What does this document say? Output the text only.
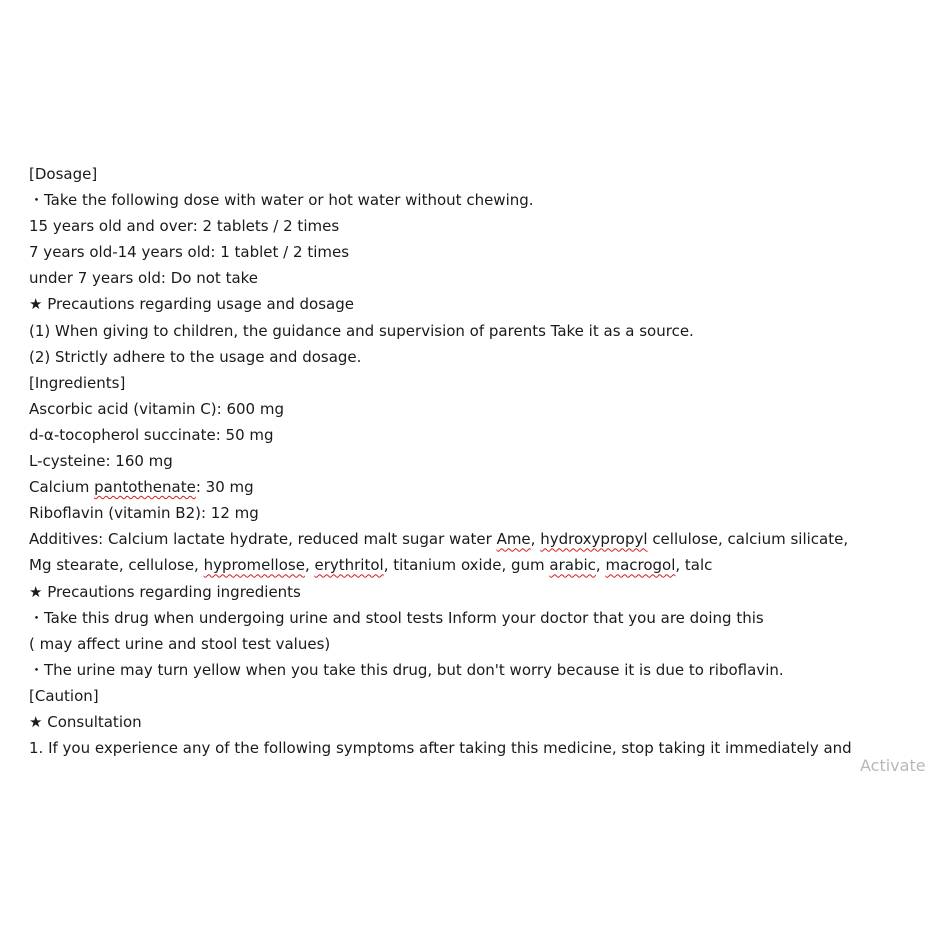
[Dosage]
・Take the following dose with water or hot water without chewing.
15 years old and over: 2 tablets / 2 times
7 years old-14 years old: 1 tablet / 2 times
under 7 years old: Do not take
★ Precautions regarding usage and dosage
(1) When giving to children, the guidance and supervision of parents Take it as a source.
(2) Strictly adhere to the usage and dosage.
[Ingredients]
Ascorbic acid (vitamin C): 600 mg
d-α-tocopherol succinate: 50 mg
L-cysteine: 160 mg
Calcium pantothenate: 30 mg
Riboflavin (vitamin B2): 12 mg
Additives: Calcium lactate hydrate, reduced malt sugar water Ame, hydroxypropyl cellulose, calcium silicate,
Mg stearate, cellulose, hypromellose, erythritol, titanium oxide, gum arabic, macrogol, talc
★ Precautions regarding ingredients
・Take this drug when undergoing urine and stool tests Inform your doctor that you are doing this
( may affect urine and stool test values)
・The urine may turn yellow when you take this drug, but don't worry because it is due to riboflavin.
[Caution]
★ Consultation
1. If you experience any of the following symptoms after taking this medicine, stop taking it immediately and
Activate
